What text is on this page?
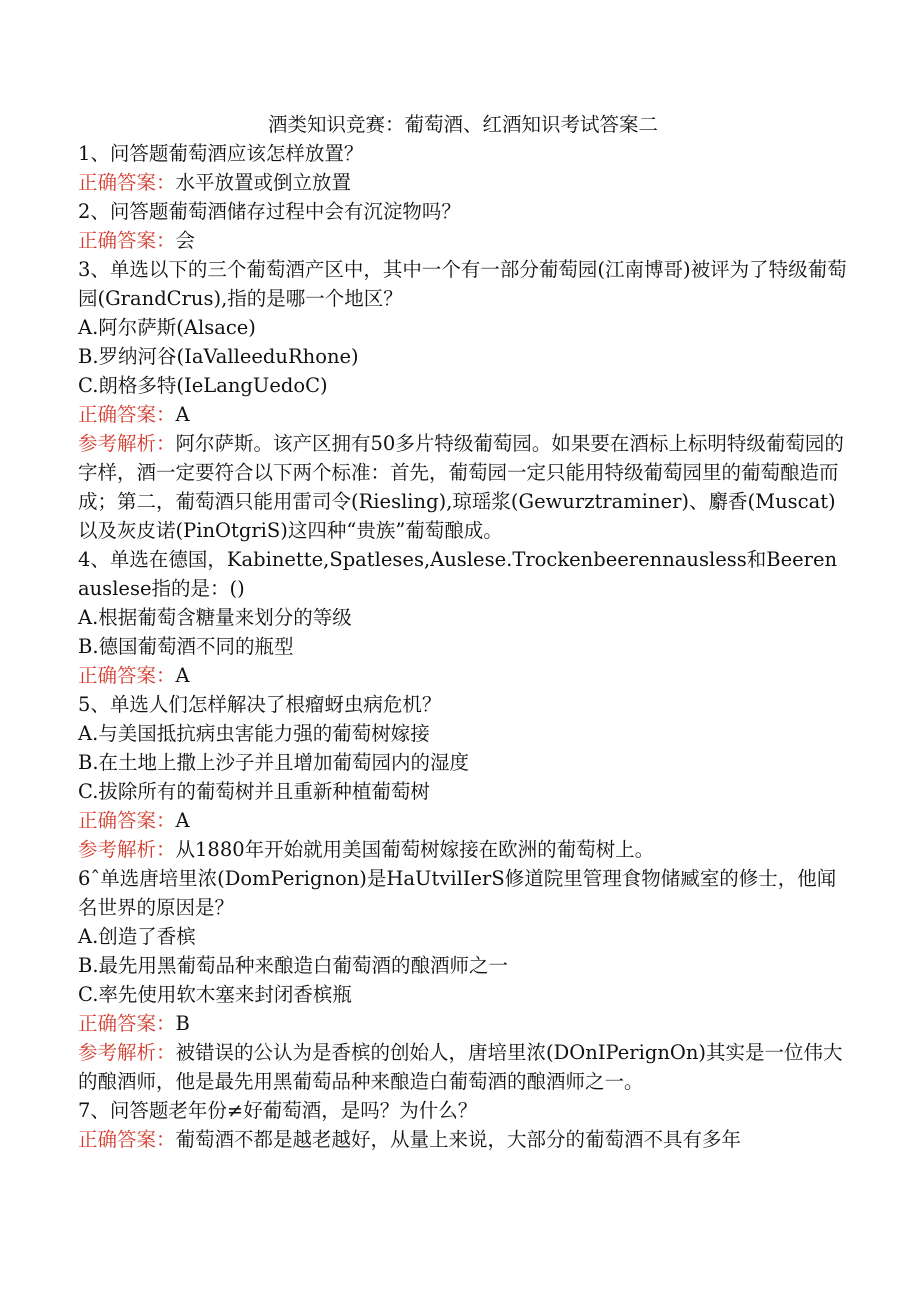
酒类知识竞赛：葡萄酒、红酒知识考试答案二

1、问答题葡萄酒应该怎样放置？

正确答案：水平放置或倒立放置

2、问答题葡萄酒储存过程中会有沉淀物吗？

正确答案：会

3、单选以下的三个葡萄酒产区中，其中一个有一部分葡萄园(江南博哥)被评为了特级葡萄园(GrandCrus),指的是哪一个地区？

A.阿尔萨斯(Alsace)

B.罗纳河谷(IaValleeduRhone)

C.朗格多特(IeLangUedoC)

正确答案：A

参考解析：阿尔萨斯。该产区拥有50多片特级葡萄园。如果要在酒标上标明特级葡萄园的字样，酒一定要符合以下两个标准：首先，葡萄园一定只能用特级葡萄园里的葡萄酿造而成；第二，葡萄酒只能用雷司令(Riesling),琼瑶浆(Gewurztraminer)、麝香(Muscat)以及灰皮诺(PinOtgriS)这四种“贵族”葡萄酿成。

4、单选在德国，Kabinette,Spatleses,Auslese.Trockenbeerennausless和Beerenauslese指的是：()

A.根据葡萄含糖量来划分的等级

B.德国葡萄酒不同的瓶型

正确答案：A

5、单选人们怎样解决了根瘤蚜虫病危机？

A.与美国抵抗病虫害能力强的葡萄树嫁接

B.在土地上撒上沙子并且增加葡萄园内的湿度

C.拔除所有的葡萄树并且重新种植葡萄树

正确答案：A

参考解析：从1880年开始就用美国葡萄树嫁接在欧洲的葡萄树上。

6ˆ单选唐培里浓(DomPerignon)是HaUtvilIerS修道院里管理食物储臧室的修士，他闻名世界的原因是？

A.创造了香槟

B.最先用黑葡萄品种来酿造白葡萄酒的酿酒师之一

C.率先使用软木塞来封闭香槟瓶

正确答案：B

参考解析：被错误的公认为是香槟的创始人，唐培里浓(DOnIPerignOn)其实是一位伟大的酿酒师，他是最先用黑葡萄品种来酿造白葡萄酒的酿酒师之一。

7、问答题老年份≠好葡萄酒，是吗？为什么？

正确答案：葡萄酒不都是越老越好，从量上来说，大部分的葡萄酒不具有多年
